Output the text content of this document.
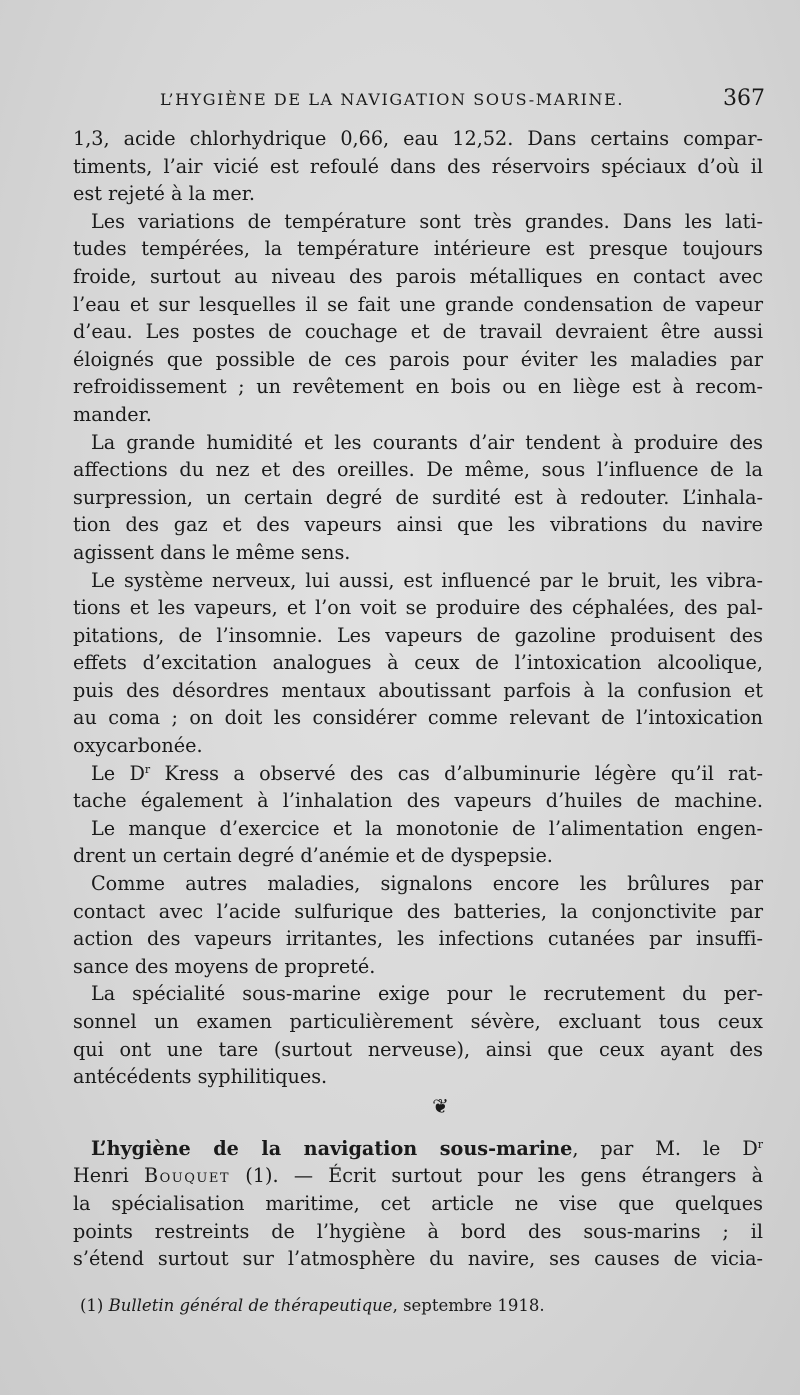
L’HYGIÈNE DE LA NAVIGATION SOUS-MARINE.	367
1,3, acide chlorhydrique 0,66, eau 12,52. Dans certains compar-
timents, l’air vicié est refoulé dans des réservoirs spéciaux d’où il
est rejeté à la mer.
Les variations de température sont très grandes. Dans les lati-
tudes tempérées, la température intérieure est presque toujours
froide, surtout au niveau des parois métalliques en contact avec
l’eau et sur lesquelles il se fait une grande condensation de vapeur
d’eau. Les postes de couchage et de travail devraient être aussi
éloignés que possible de ces parois pour éviter les maladies par
refroidissement ; un revêtement en bois ou en liège est à recom-
mander.
La grande humidité et les courants d’air tendent à produire des
affections du nez et des oreilles. De même, sous l’influence de la
surpression, un certain degré de surdité est à redouter. L’inhala-
tion des gaz et des vapeurs ainsi que les vibrations du navire
agissent dans le même sens.
Le système nerveux, lui aussi, est influencé par le bruit, les vibra-
tions et les vapeurs, et l’on voit se produire des céphalées, des pal-
pitations, de l’insomnie. Les vapeurs de gazoline produisent des
effets d’excitation analogues à ceux de l’intoxication alcoolique,
puis des désordres mentaux aboutissant parfois à la confusion et
au coma ; on doit les considérer comme relevant de l’intoxication
oxycarbonée.
Le $D^r$ Kress a observé des cas d’albuminurie légère qu’il rat-
tache également à l’inhalation des vapeurs d’huiles de machine.
Le manque d’exercice et la monotonie de l’alimentation engen-
drent un certain degré d’anémie et de dyspepsie.
Comme autres maladies, signalons encore les brûlures par
contact avec l’acide sulfurique des batteries, la conjonctivite par
action des vapeurs irritantes, les infections cutanées par insuffi-
sance des moyens de propreté.
La spécialité sous-marine exige pour le recrutement du per-
sonnel un examen particulièrement sévère, excluant tous ceux
qui ont une tare (surtout nerveuse), ainsi que ceux ayant des
antécédents syphilitiques.
❦
L’hygiène de la navigation sous-marine, par M. le $D^r$
Henri Bouquet (1). — Écrit surtout pour les gens étrangers à
la spécialisation maritime, cet article ne vise que quelques
points restreints de l’hygiène à bord des sous-marins ; il
s’étend surtout sur l’atmosphère du navire, ses causes de vicia-
(1) Bulletin général de thérapeutique, septembre 1918.
